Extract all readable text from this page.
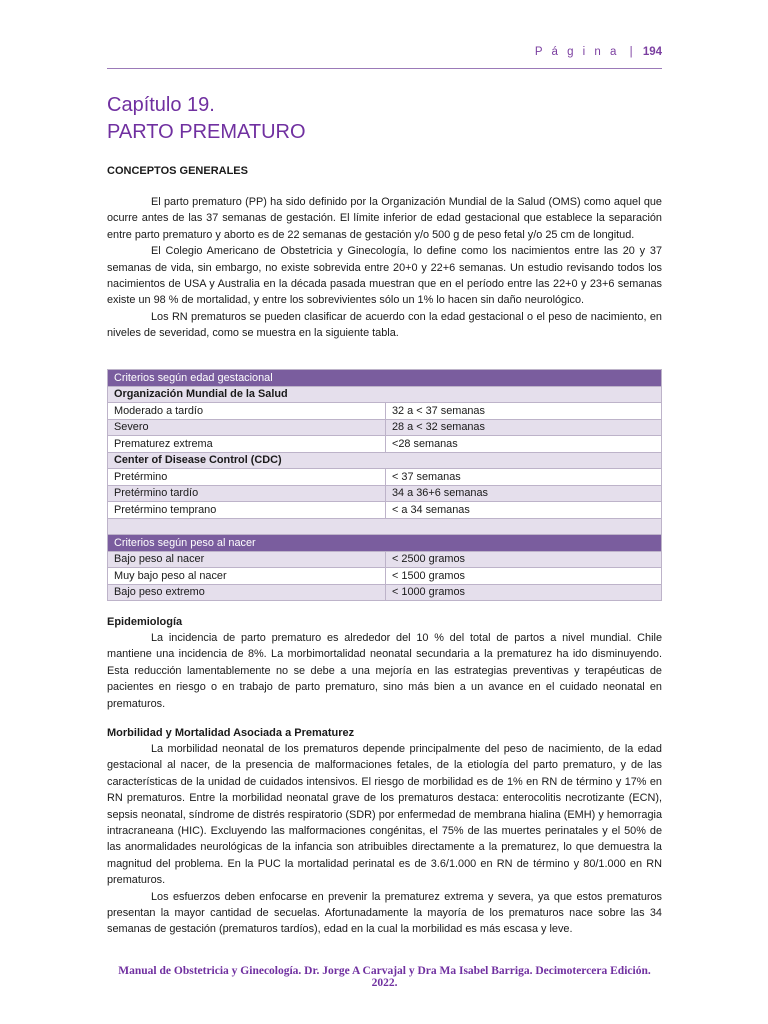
P á g i n a | 194
Capítulo 19.
PARTO PREMATURO
CONCEPTOS GENERALES

El parto prematuro (PP) ha sido definido por la Organización Mundial de la Salud (OMS) como aquel que ocurre antes de las 37 semanas de gestación. El límite inferior de edad gestacional que establece la separación entre parto prematuro y aborto es de 22 semanas de gestación y/o 500 g de peso fetal y/o 25 cm de longitud.

El Colegio Americano de Obstetricia y Ginecología, lo define como los nacimientos entre las 20 y 37 semanas de vida, sin embargo, no existe sobrevida entre 20+0 y 22+6 semanas. Un estudio revisando todos los nacimientos de USA y Australia en la década pasada muestran que en el período entre las 22+0 y 23+6 semanas existe un 98 % de mortalidad, y entre los sobrevivientes sólo un 1% lo hacen sin daño neurológico.

Los RN prematuros se pueden clasificar de acuerdo con la edad gestacional o el peso de nacimiento, en niveles de severidad, como se muestra en la siguiente tabla.

Criterios según edad gestacional	
Organización Mundial de la Salud	
Moderado a tardío	32 a < 37 semanas
Severo	28 a < 32 semanas
Prematurez extrema	<28 semanas
Center of Disease Control (CDC)	
Pretérmino	< 37 semanas
Pretérmino tardío	34 a 36+6 semanas
Pretérmino temprano	< a 34 semanas

Criterios según peso al nacer	
Bajo peso al nacer	< 2500 gramos
Muy bajo peso al nacer	< 1500 gramos
Bajo peso extremo	< 1000 gramos
Epidemiología

La incidencia de parto prematuro es alrededor del 10 % del total de partos a nivel mundial. Chile mantiene una incidencia de 8%. La morbimortalidad neonatal secundaria a la prematurez ha ido disminuyendo. Esta reducción lamentablemente no se debe a una mejoría en las estrategias preventivas y terapéuticas de pacientes en riesgo o en trabajo de parto prematuro, sino más bien a un avance en el cuidado neonatal en prematuros.

Morbilidad y Mortalidad Asociada a Prematurez

La morbilidad neonatal de los prematuros depende principalmente del peso de nacimiento, de la edad gestacional al nacer, de la presencia de malformaciones fetales, de la etiología del parto prematuro, y de las características de la unidad de cuidados intensivos. El riesgo de morbilidad es de 1% en RN de término y 17% en RN prematuros. Entre la morbilidad neonatal grave de los prematuros destaca: enterocolitis necrotizante (ECN), sepsis neonatal, síndrome de distrés respiratorio (SDR) por enfermedad de membrana hialina (EMH) y hemorragia intracraneana (HIC). Excluyendo las malformaciones congénitas, el 75% de las muertes perinatales y el 50% de las anormalidades neurológicas de la infancia son atribuibles directamente a la prematurez, lo que demuestra la magnitud del problema. En la PUC la mortalidad perinatal es de 3.6/1.000 en RN de término y 80/1.000 en RN prematuros.

Los esfuerzos deben enfocarse en prevenir la prematurez extrema y severa, ya que estos prematuros presentan la mayor cantidad de secuelas. Afortunadamente la mayoría de los prematuros nace sobre las 34 semanas de gestación (prematuros tardíos), edad en la cual la morbilidad es más escasa y leve.

Manual de Obstetricia y Ginecología. Dr. Jorge A Carvajal y Dra Ma Isabel Barriga. Decimotercera Edición. 2022.
